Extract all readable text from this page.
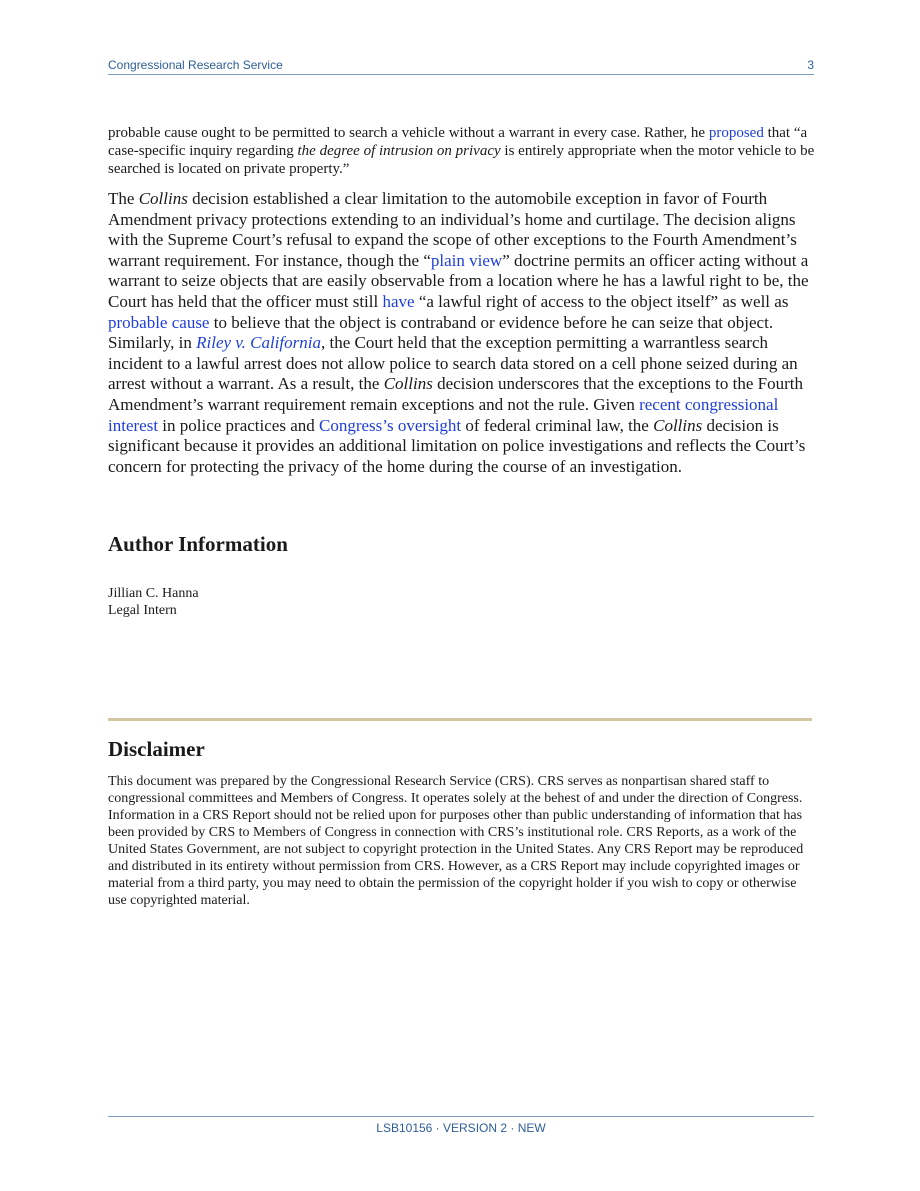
Congressional Research Service	3

probable cause ought to be permitted to search a vehicle without a warrant in every case. Rather, he proposed that “a case-specific inquiry regarding the degree of intrusion on privacy is entirely appropriate when the motor vehicle to be searched is located on private property.”

The Collins decision established a clear limitation to the automobile exception in favor of Fourth Amendment privacy protections extending to an individual’s home and curtilage. The decision aligns with the Supreme Court’s refusal to expand the scope of other exceptions to the Fourth Amendment’s warrant requirement. For instance, though the “plain view” doctrine permits an officer acting without a warrant to seize objects that are easily observable from a location where he has a lawful right to be, the Court has held that the officer must still have “a lawful right of access to the object itself” as well as probable cause to believe that the object is contraband or evidence before he can seize that object. Similarly, in Riley v. California, the Court held that the exception permitting a warrantless search incident to a lawful arrest does not allow police to search data stored on a cell phone seized during an arrest without a warrant. As a result, the Collins decision underscores that the exceptions to the Fourth Amendment’s warrant requirement remain exceptions and not the rule. Given recent congressional interest in police practices and Congress’s oversight of federal criminal law, the Collins decision is significant because it provides an additional limitation on police investigations and reflects the Court’s concern for protecting the privacy of the home during the course of an investigation.

Author Information
Jillian C. Hanna
Legal Intern
Disclaimer

This document was prepared by the Congressional Research Service (CRS). CRS serves as nonpartisan shared staff to congressional committees and Members of Congress. It operates solely at the behest of and under the direction of Congress. Information in a CRS Report should not be relied upon for purposes other than public understanding of information that has been provided by CRS to Members of Congress in connection with CRS’s institutional role. CRS Reports, as a work of the United States Government, are not subject to copyright protection in the United States. Any CRS Report may be reproduced and distributed in its entirety without permission from CRS. However, as a CRS Report may include copyrighted images or material from a third party, you may need to obtain the permission of the copyright holder if you wish to copy or otherwise use copyrighted material.

LSB10156 · VERSION 2 · NEW
